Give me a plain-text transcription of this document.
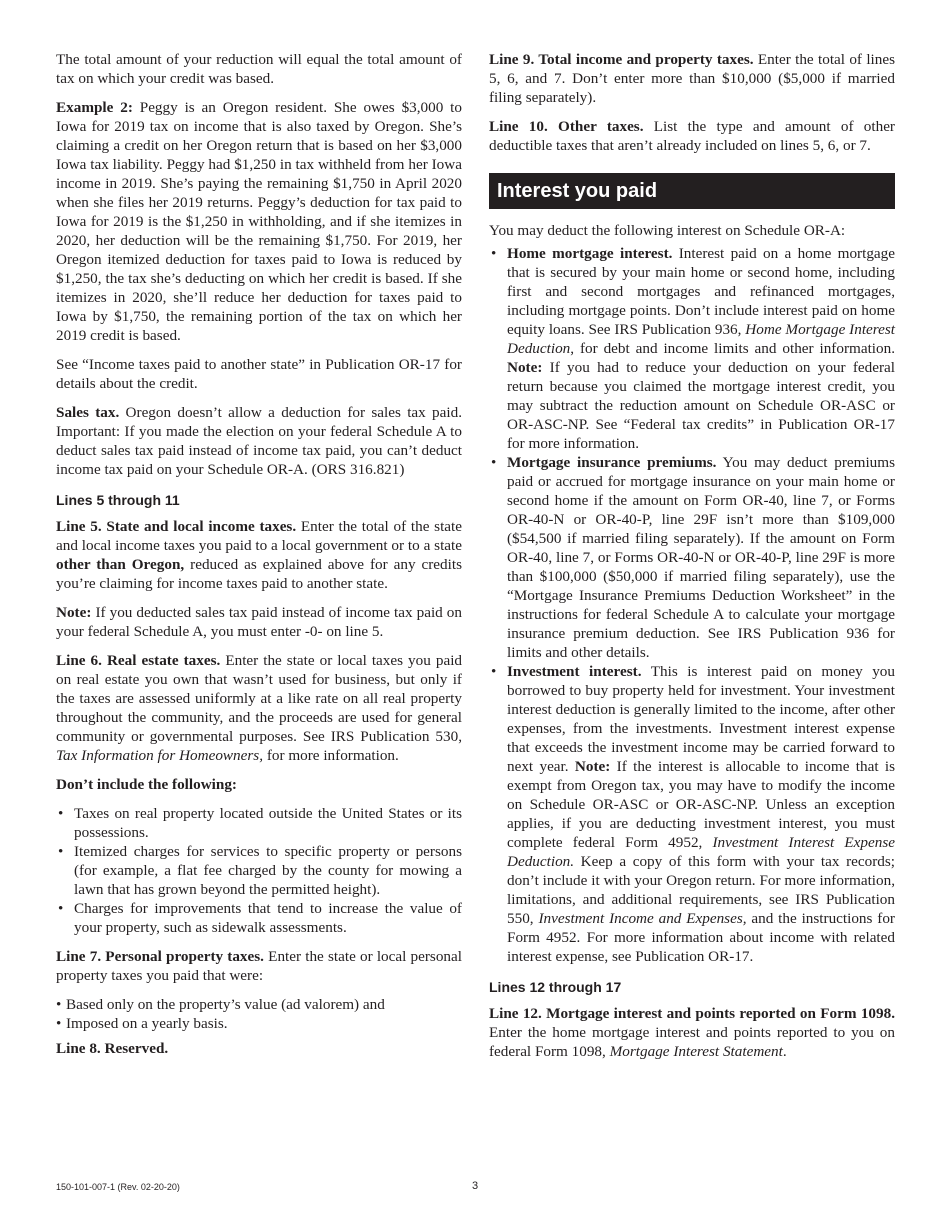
The total amount of your reduction will equal the total amount of tax on which your credit was based.

Example 2: Peggy is an Oregon resident. She owes $3,000 to Iowa for 2019 tax on income that is also taxed by Oregon. She’s claiming a credit on her Oregon return that is based on her $3,000 Iowa tax liability. Peggy had $1,250 in tax withheld from her Iowa income in 2019. She’s paying the remaining $1,750 in April 2020 when she files her 2019 returns. Peggy’s deduction for tax paid to Iowa for 2019 is the $1,250 in withholding, and if she itemizes in 2020, her deduction will be the remaining $1,750. For 2019, her Oregon itemized deduction for taxes paid to Iowa is reduced by $1,250, the tax she’s deducting on which her credit is based. If she itemizes in 2020, she’ll reduce her deduction for taxes paid to Iowa by $1,750, the remaining portion of the tax on which her 2019 credit is based.

See “Income taxes paid to another state” in Publication OR-17 for details about the credit.

Sales tax. Oregon doesn’t allow a deduction for sales tax paid. Important: If you made the election on your federal Schedule A to deduct sales tax paid instead of income tax paid, you can’t deduct income tax paid on your Schedule OR-A. (ORS 316.821)

Lines 5 through 11

Line 5. State and local income taxes. Enter the total of the state and local income taxes you paid to a local government or to a state other than Oregon, reduced as explained above for any credits you’re claiming for income taxes paid to another state.

Note: If you deducted sales tax paid instead of income tax paid on your federal Schedule A, you must enter -0- on line 5.

Line 6. Real estate taxes. Enter the state or local taxes you paid on real estate you own that wasn’t used for business, but only if the taxes are assessed uniformly at a like rate on all real property throughout the community, and the proceeds are used for general community or governmental purposes. See IRS Publication 530, Tax Information for Homeowners, for more information.

Don’t include the following:

• Taxes on real property located outside the United States or its possessions.
• Itemized charges for services to specific property or persons (for example, a flat fee charged by the county for mowing a lawn that has grown beyond the permitted height).
• Charges for improvements that tend to increase the value of your property, such as sidewalk assessments.

Line 7. Personal property taxes. Enter the state or local personal property taxes you paid that were:

• Based only on the property’s value (ad valorem) and
• Imposed on a yearly basis.

Line 8. Reserved.

Line 9. Total income and property taxes. Enter the total of lines 5, 6, and 7. Don’t enter more than $10,000 ($5,000 if married filing separately).

Line 10. Other taxes. List the type and amount of other deductible taxes that aren’t already included on lines 5, 6, or 7.

Interest you paid

You may deduct the following interest on Schedule OR-A:

• Home mortgage interest. Interest paid on a home mortgage that is secured by your main home or second home, including first and second mortgages and refinanced mortgages, including mortgage points. Don’t include interest paid on home equity loans. See IRS Publication 936, Home Mortgage Interest Deduction, for debt and income limits and other information. Note: If you had to reduce your deduction on your federal return because you claimed the mortgage interest credit, you may subtract the reduction amount on Schedule OR-ASC or OR-ASC-NP. See “Federal tax credits” in Publication OR-17 for more information.
• Mortgage insurance premiums. You may deduct premiums paid or accrued for mortgage insurance on your main home or second home if the amount on Form OR-40, line 7, or Forms OR-40-N or OR-40-P, line 29F isn’t more than $109,000 ($54,500 if married filing separately). If the amount on Form OR-40, line 7, or Forms OR-40-N or OR-40-P, line 29F is more than $100,000 ($50,000 if married filing separately), use the “Mortgage Insurance Premiums Deduction Worksheet” in the instructions for federal Schedule A to calculate your mortgage insurance premium deduction. See IRS Publication 936 for limits and other details.
• Investment interest. This is interest paid on money you borrowed to buy property held for investment. Your investment interest deduction is generally limited to the income, after other expenses, from the investments. Investment interest expense that exceeds the investment income may be carried forward to next year. Note: If the interest is allocable to income that is exempt from Oregon tax, you may have to modify the income on Schedule OR-ASC or OR-ASC-NP. Unless an exception applies, if you are deducting investment interest, you must complete federal Form 4952, Investment Interest Expense Deduction. Keep a copy of this form with your tax records; don’t include it with your Oregon return. For more information, limitations, and additional requirements, see IRS Publication 550, Investment Income and Expenses, and the instructions for Form 4952. For more information about income with related interest expense, see Publication OR-17.
Lines 12 through 17

Line 12. Mortgage interest and points reported on Form 1098. Enter the home mortgage interest and points reported to you on federal Form 1098, Mortgage Interest Statement.

150-101-007-1 (Rev. 02-20-20)	3
